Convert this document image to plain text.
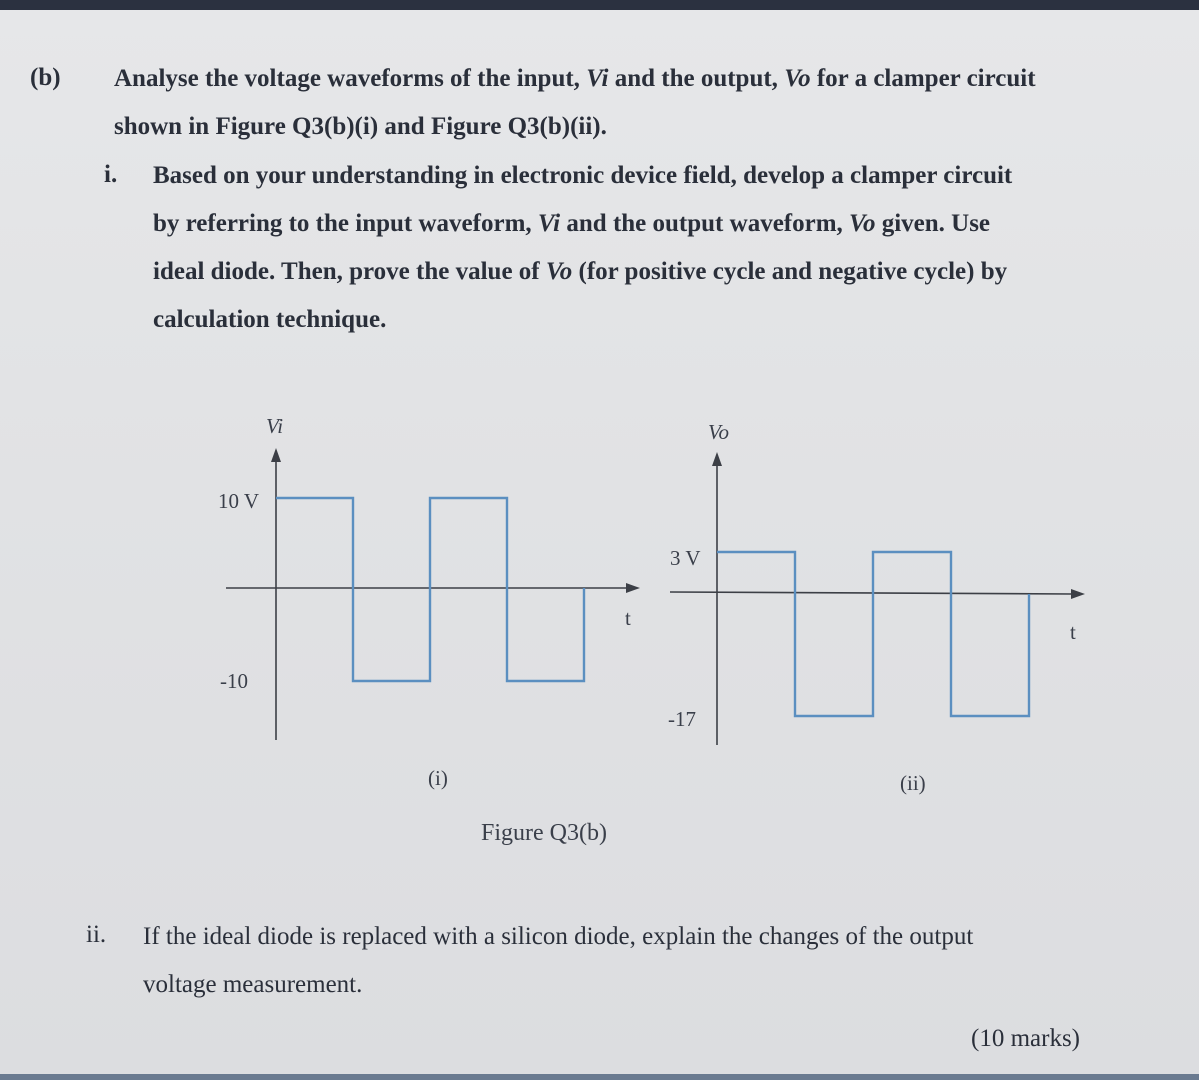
(b) Analyse the voltage waveforms of the input, Vi and the output, Vo for a clamper circuit
shown in Figure Q3(b)(i) and Figure Q3(b)(ii).
i. Based on your understanding in electronic device field, develop a clamper circuit
by referring to the input waveform, Vi and the output waveform, Vo given. Use
ideal diode. Then, prove the value of Vo (for positive cycle and negative cycle) by
calculation technique.
Vi
10 V
-10
t
(i)
Vo
3 V
-17
t
(ii)
Figure Q3(b)
ii. If the ideal diode is replaced with a silicon diode, explain the changes of the output
voltage measurement.
(10 marks)
